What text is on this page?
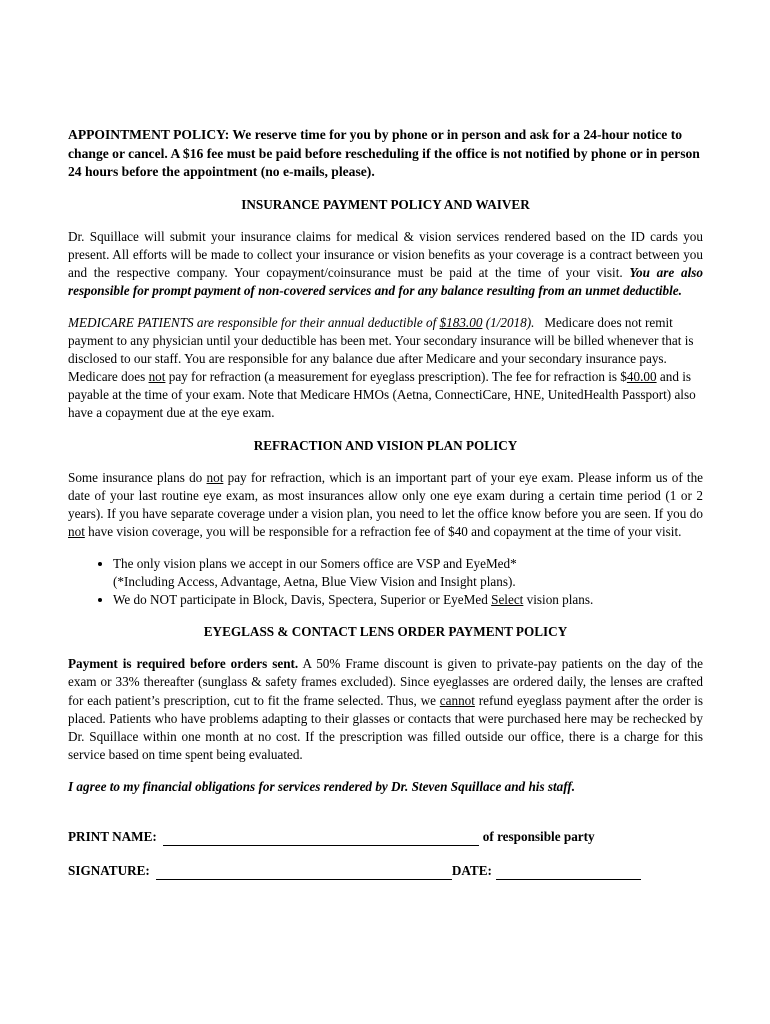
APPOINTMENT POLICY: We reserve time for you by phone or in person and ask for a 24-hour notice to change or cancel. A $16 fee must be paid before rescheduling if the office is not notified by phone or in person 24 hours before the appointment (no e-mails, please).

INSURANCE PAYMENT POLICY AND WAIVER

Dr. Squillace will submit your insurance claims for medical & vision services rendered based on the ID cards you present. All efforts will be made to collect your insurance or vision benefits as your coverage is a contract between you and the respective company. Your copayment/coinsurance must be paid at the time of your visit. You are also responsible for prompt payment of non-covered services and for any balance resulting from an unmet deductible.

MEDICARE PATIENTS are responsible for their annual deductible of $183.00 (1/2018). Medicare does not remit payment to any physician until your deductible has been met. Your secondary insurance will be billed whenever that is disclosed to our staff. You are responsible for any balance due after Medicare and your secondary insurance pays. Medicare does not pay for refraction (a measurement for eyeglass prescription). The fee for refraction is $40.00 and is payable at the time of your exam. Note that Medicare HMOs (Aetna, ConnectiCare, HNE, UnitedHealth Passport) also have a copayment due at the eye exam.

REFRACTION AND VISION PLAN POLICY

Some insurance plans do not pay for refraction, which is an important part of your eye exam. Please inform us of the date of your last routine eye exam, as most insurances allow only one eye exam during a certain time period (1 or 2 years). If you have separate coverage under a vision plan, you need to let the office know before you are seen. If you do not have vision coverage, you will be responsible for a refraction fee of $40 and copayment at the time of your visit.

• The only vision plans we accept in our Somers office are VSP and EyeMed*
(*Including Access, Advantage, Aetna, Blue View Vision and Insight plans).
• We do NOT participate in Block, Davis, Spectera, Superior or EyeMed Select vision plans.

EYEGLASS & CONTACT LENS ORDER PAYMENT POLICY

Payment is required before orders sent. A 50% Frame discount is given to private-pay patients on the day of the exam or 33% thereafter (sunglass & safety frames excluded). Since eyeglasses are ordered daily, the lenses are crafted for each patient’s prescription, cut to fit the frame selected. Thus, we cannot refund eyeglass payment after the order is placed. Patients who have problems adapting to their glasses or contacts that were purchased here may be rechecked by Dr. Squillace within one month at no cost. If the prescription was filled outside our office, there is a charge for this service based on time spent being evaluated.

I agree to my financial obligations for services rendered by Dr. Steven Squillace and his staff.

PRINT NAME:	of responsible party
SIGNATURE:	DATE:
